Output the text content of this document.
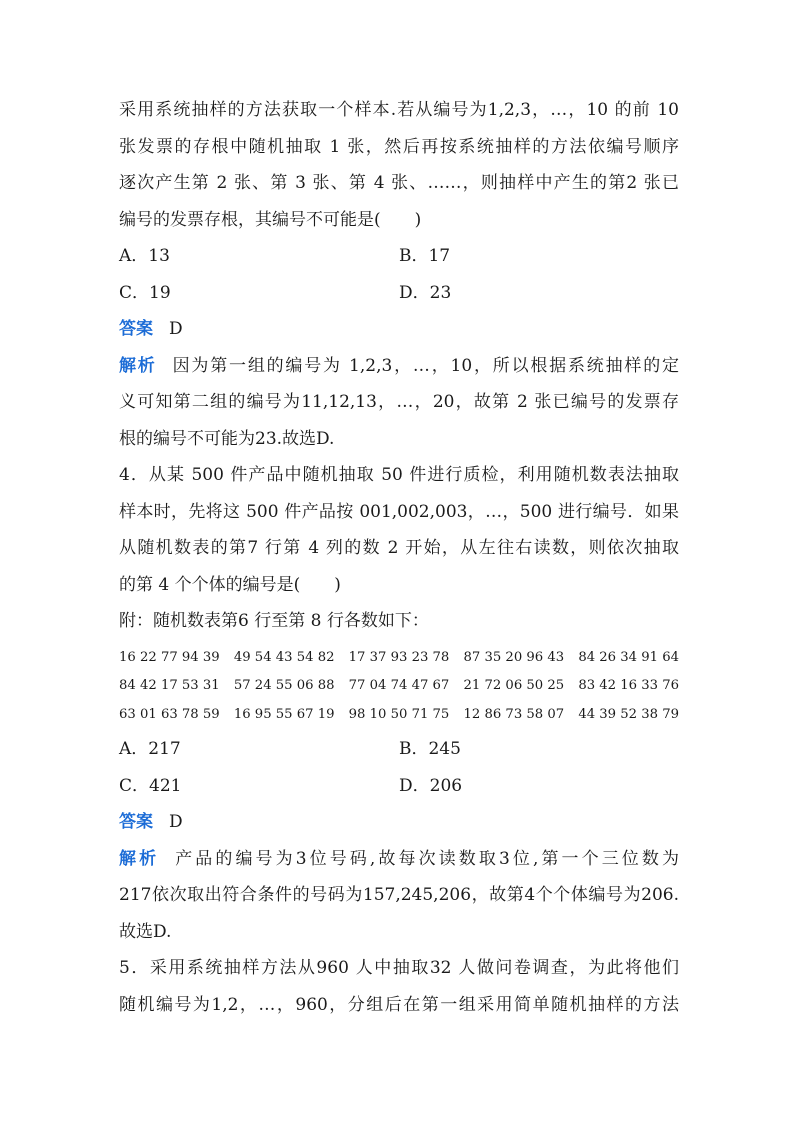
采用系统抽样的方法获取一个样本.若从编号为1,2,3，…，10 的前 10
张发票的存根中随机抽取 1 张，然后再按系统抽样的方法依编号顺序
逐次产生第 2 张、第 3 张、第 4 张、……，则抽样中产生的第2 张已
编号的发票存根，其编号不可能是(　　)
A．13	B．17
C．19	D．23
答案 D
解析 因为第一组的编号为 1,2,3，…，10，所以根据系统抽样的定
义可知第二组的编号为11,12,13，…，20，故第 2 张已编号的发票存
根的编号不可能为23.故选D.
4．从某 500 件产品中随机抽取 50 件进行质检，利用随机数表法抽取
样本时，先将这 500 件产品按 001,002,003，…，500 进行编号．如果
从随机数表的第7 行第 4 列的数 2 开始，从左往右读数，则依次抽取
的第 4 个个体的编号是(　　)
附：随机数表第6 行至第 8 行各数如下：
16 22 77 94 39	49 54 43 54 82	17 37 93 23 78	87 35 20 96 43	84 26 34 91 64
84 42 17 53 31	57 24 55 06 88	77 04 74 47 67	21 72 06 50 25	83 42 16 33 76
63 01 63 78 59	16 95 55 67 19	98 10 50 71 75	12 86 73 58 07	44 39 52 38 79
A．217	B．245
C．421	D．206
答案 D
解析 产品的编号为3位号码,故每次读数取3位,第一个三位数为
217依次取出符合条件的号码为157,245,206，故第4个个体编号为206.
故选D.
5．采用系统抽样方法从960 人中抽取32 人做问卷调查，为此将他们
随机编号为1,2，…，960，分组后在第一组采用简单随机抽样的方法
